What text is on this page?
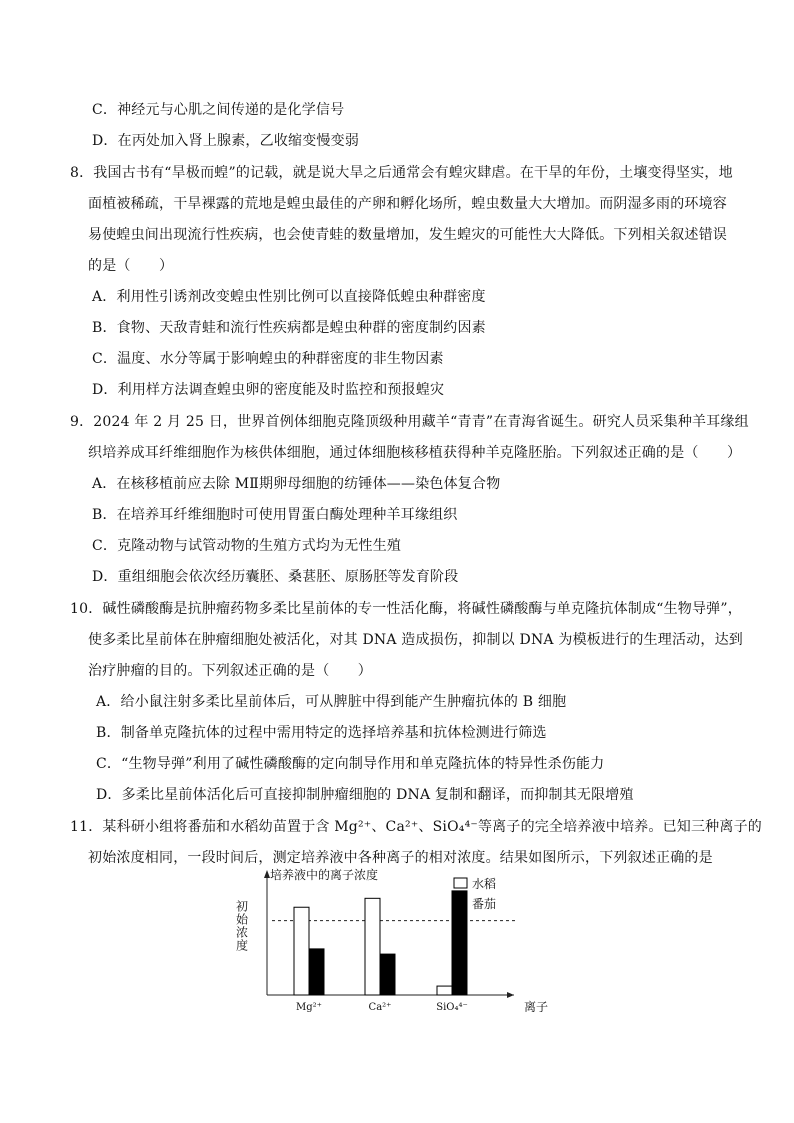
C．神经元与心肌之间传递的是化学信号
D．在丙处加入肾上腺素，乙收缩变慢变弱
8．我国古书有“旱极而蝗”的记载，就是说大旱之后通常会有蝗灾肆虐。在干旱的年份，土壤变得坚实，地
面植被稀疏，干旱裸露的荒地是蝗虫最佳的产卵和孵化场所，蝗虫数量大大增加。而阴湿多雨的环境容
易使蝗虫间出现流行性疾病，也会使青蛙的数量增加，发生蝗灾的可能性大大降低。下列相关叙述错误
的是（　　）
A．利用性引诱剂改变蝗虫性别比例可以直接降低蝗虫种群密度
B．食物、天敌青蛙和流行性疾病都是蝗虫种群的密度制约因素
C．温度、水分等属于影响蝗虫的种群密度的非生物因素
D．利用样方法调查蝗虫卵的密度能及时监控和预报蝗灾
9．2024 年 2 月 25 日，世界首例体细胞克隆顶级种用藏羊“青青”在青海省诞生。研究人员采集种羊耳缘组
织培养成耳纤维细胞作为核供体细胞，通过体细胞核移植获得种羊克隆胚胎。下列叙述正确的是（　　）
A．在核移植前应去除 MⅡ期卵母细胞的纺锤体——染色体复合物
B．在培养耳纤维细胞时可使用胃蛋白酶处理种羊耳缘组织
C．克隆动物与试管动物的生殖方式均为无性生殖
D．重组细胞会依次经历囊胚、桑葚胚、原肠胚等发育阶段
10．碱性磷酸酶是抗肿瘤药物多柔比星前体的专一性活化酶，将碱性磷酸酶与单克隆抗体制成“生物导弹”，
使多柔比星前体在肿瘤细胞处被活化，对其 DNA 造成损伤，抑制以 DNA 为模板进行的生理活动，达到
治疗肿瘤的目的。下列叙述正确的是（　　）
A．给小鼠注射多柔比星前体后，可从脾脏中得到能产生肿瘤抗体的 B 细胞
B．制备单克隆抗体的过程中需用特定的选择培养基和抗体检测进行筛选
C．“生物导弹”利用了碱性磷酸酶的定向制导作用和单克隆抗体的特异性杀伤能力
D．多柔比星前体活化后可直接抑制肿瘤细胞的 DNA 复制和翻译，而抑制其无限增殖
11．某科研小组将番茄和水稻幼苗置于含 Mg²⁺、Ca²⁺、SiO₄⁴⁻等离子的完全培养液中培养。已知三种离子的
初始浓度相同，一段时间后，测定培养液中各种离子的相对浓度。结果如图所示，下列叙述正确的是
培养液中的离子浓度
初始浓度
Mg²⁺	Ca²⁺	SiO₄⁴⁻	离子
水稻
番茄
